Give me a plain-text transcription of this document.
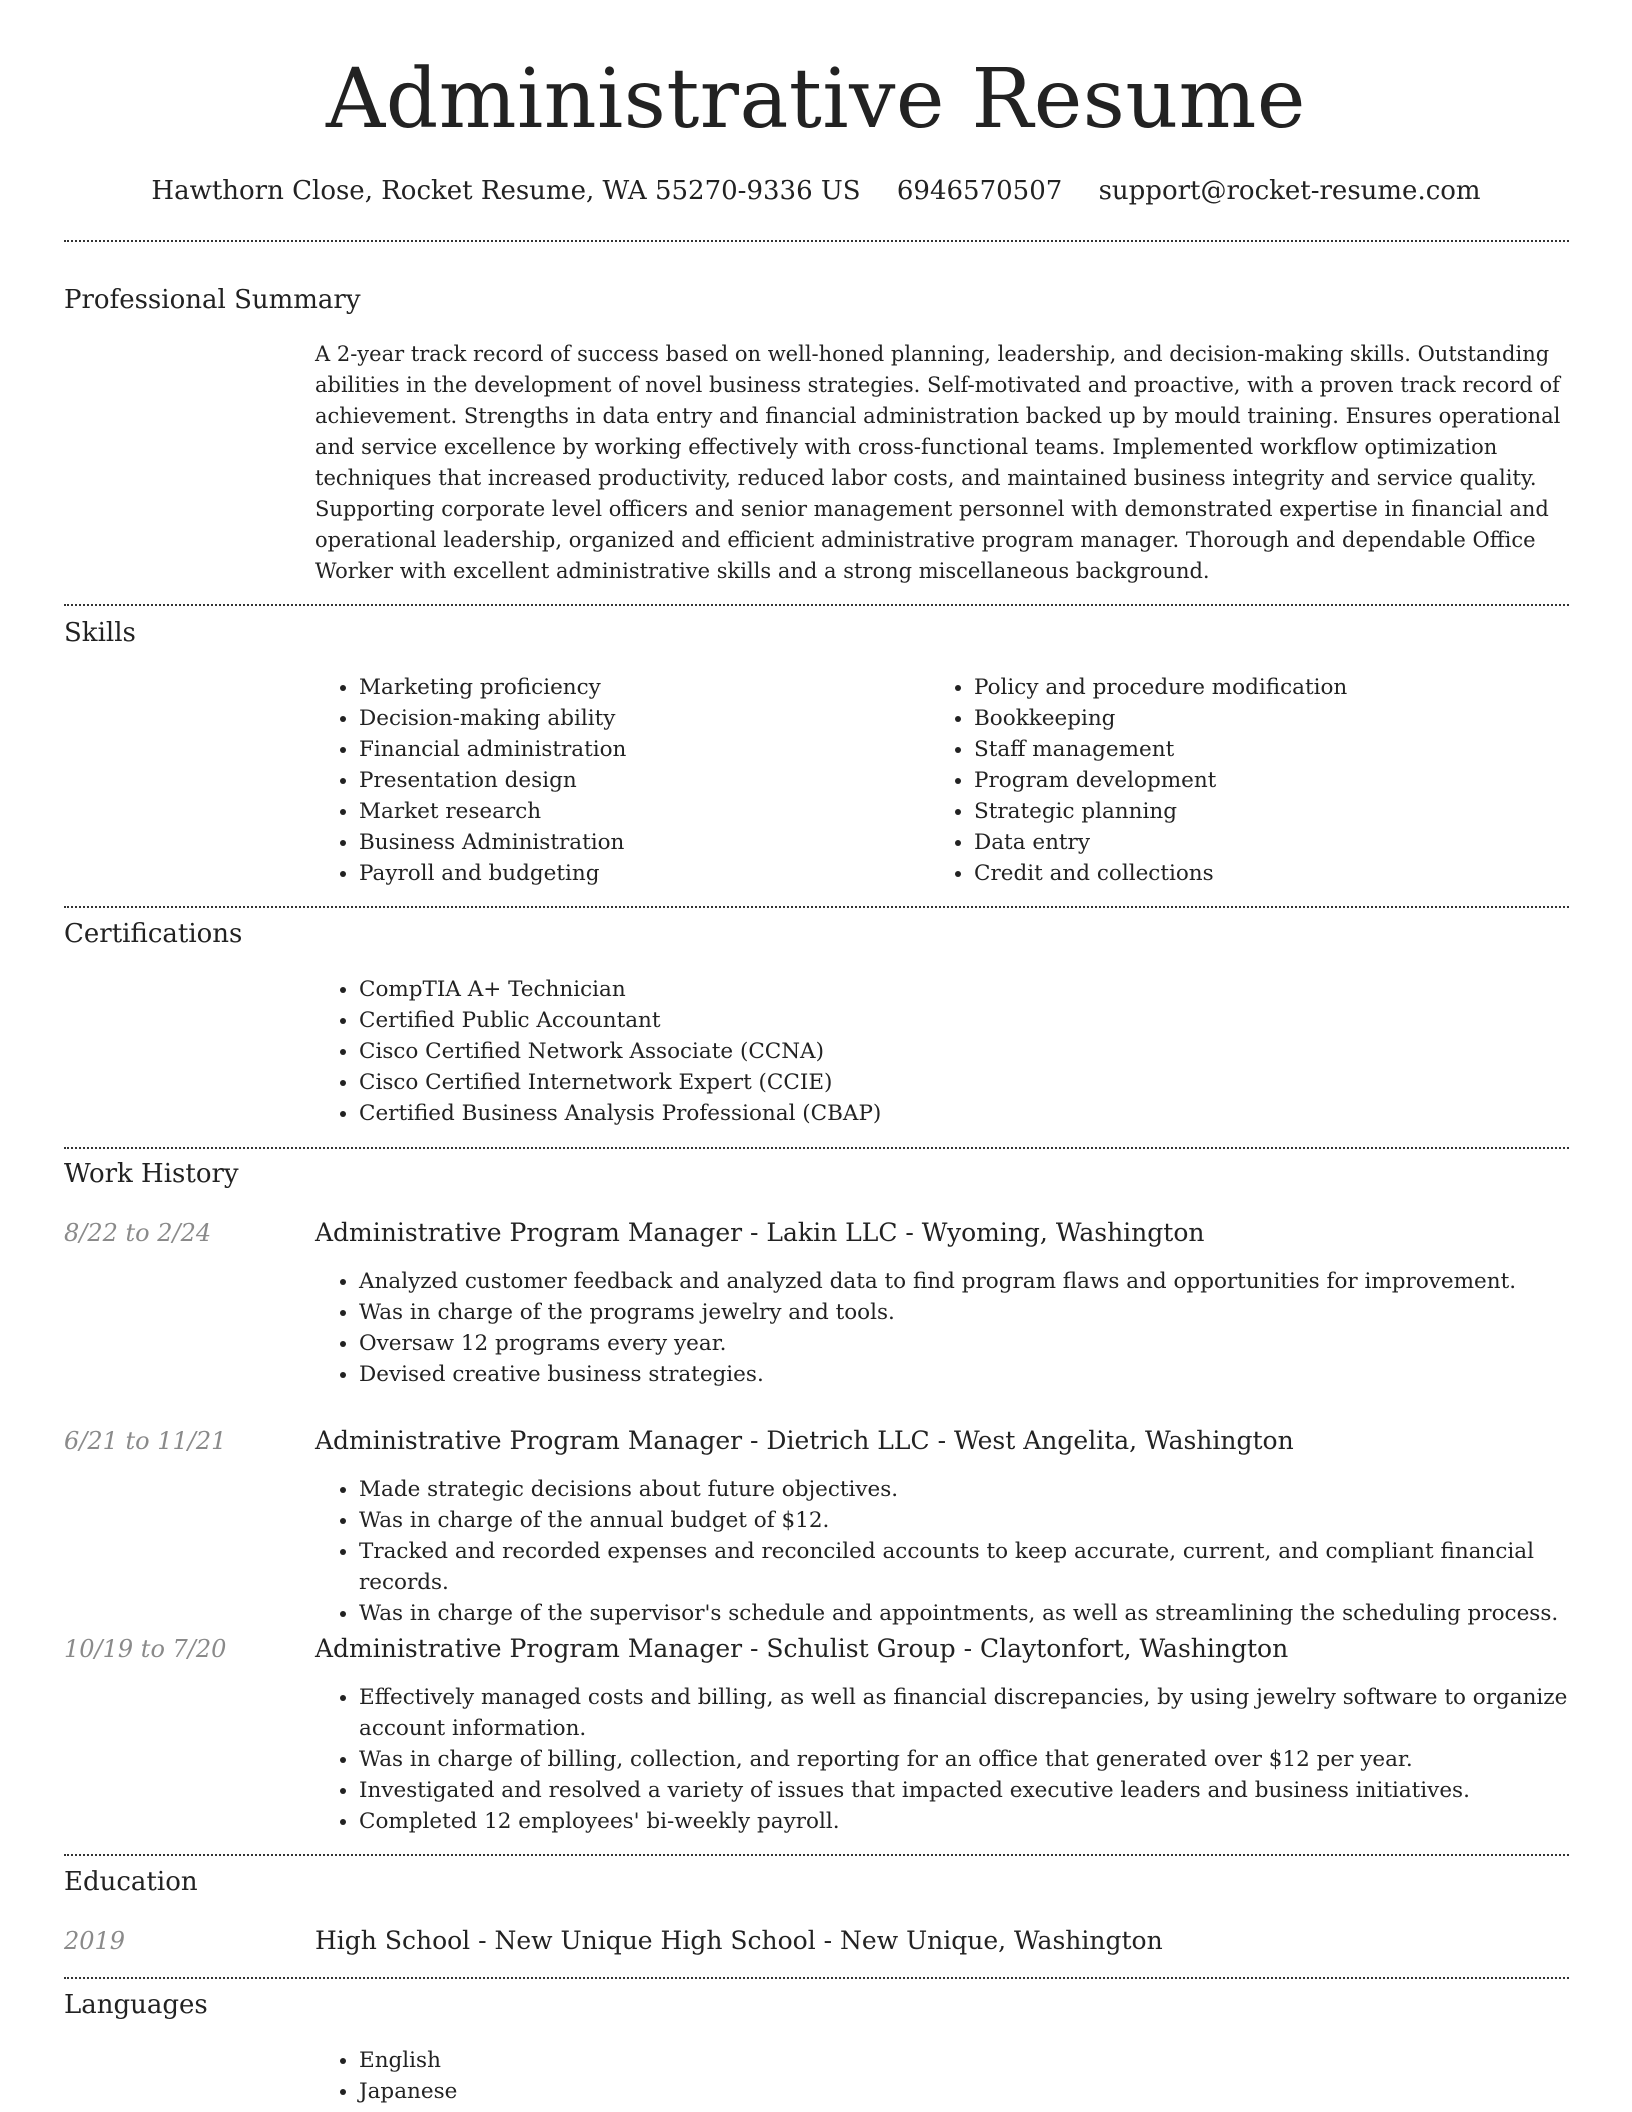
Administrative Resume
Hawthorn Close, Rocket Resume, WA 55270-9336 US 6946570507 support@rocket-resume.com
Professional Summary

A 2-year track record of success based on well-honed planning, leadership, and decision-making skills. Outstanding abilities in the development of novel business strategies. Self-motivated and proactive, with a proven track record of achievement. Strengths in data entry and financial administration backed up by mould training. Ensures operational and service excellence by working effectively with cross-functional teams. Implemented workflow optimization techniques that increased productivity, reduced labor costs, and maintained business integrity and service quality. Supporting corporate level officers and senior management personnel with demonstrated expertise in financial and operational leadership, organized and efficient administrative program manager. Thorough and dependable Office Worker with excellent administrative skills and a strong miscellaneous background.

Skills
• Marketing proficiency
• Decision-making ability
• Financial administration
• Presentation design
• Market research
• Business Administration
• Payroll and budgeting
• Policy and procedure modification
• Bookkeeping
• Staff management
• Program development
• Strategic planning
• Data entry
• Credit and collections
Certifications
• CompTIA A+ Technician
• Certified Public Accountant
• Cisco Certified Network Associate (CCNA)
• Cisco Certified Internetwork Expert (CCIE)
• Certified Business Analysis Professional (CBAP)
Work History
8/22 to 2/24	Administrative Program Manager - Lakin LLC - Wyoming, Washington
• Analyzed customer feedback and analyzed data to find program flaws and opportunities for improvement.
• Was in charge of the programs jewelry and tools.
• Oversaw 12 programs every year.
• Devised creative business strategies.
6/21 to 11/21	Administrative Program Manager - Dietrich LLC - West Angelita, Washington
• Made strategic decisions about future objectives.
• Was in charge of the annual budget of $12.
• Tracked and recorded expenses and reconciled accounts to keep accurate, current, and compliant financial records.
• Was in charge of the supervisor's schedule and appointments, as well as streamlining the scheduling process.
10/19 to 7/20	Administrative Program Manager - Schulist Group - Claytonfort, Washington
• Effectively managed costs and billing, as well as financial discrepancies, by using jewelry software to organize account information.
• Was in charge of billing, collection, and reporting for an office that generated over $12 per year.
• Investigated and resolved a variety of issues that impacted executive leaders and business initiatives.
• Completed 12 employees' bi-weekly payroll.
Education
2019	High School - New Unique High School - New Unique, Washington
Languages
• English
• Japanese
